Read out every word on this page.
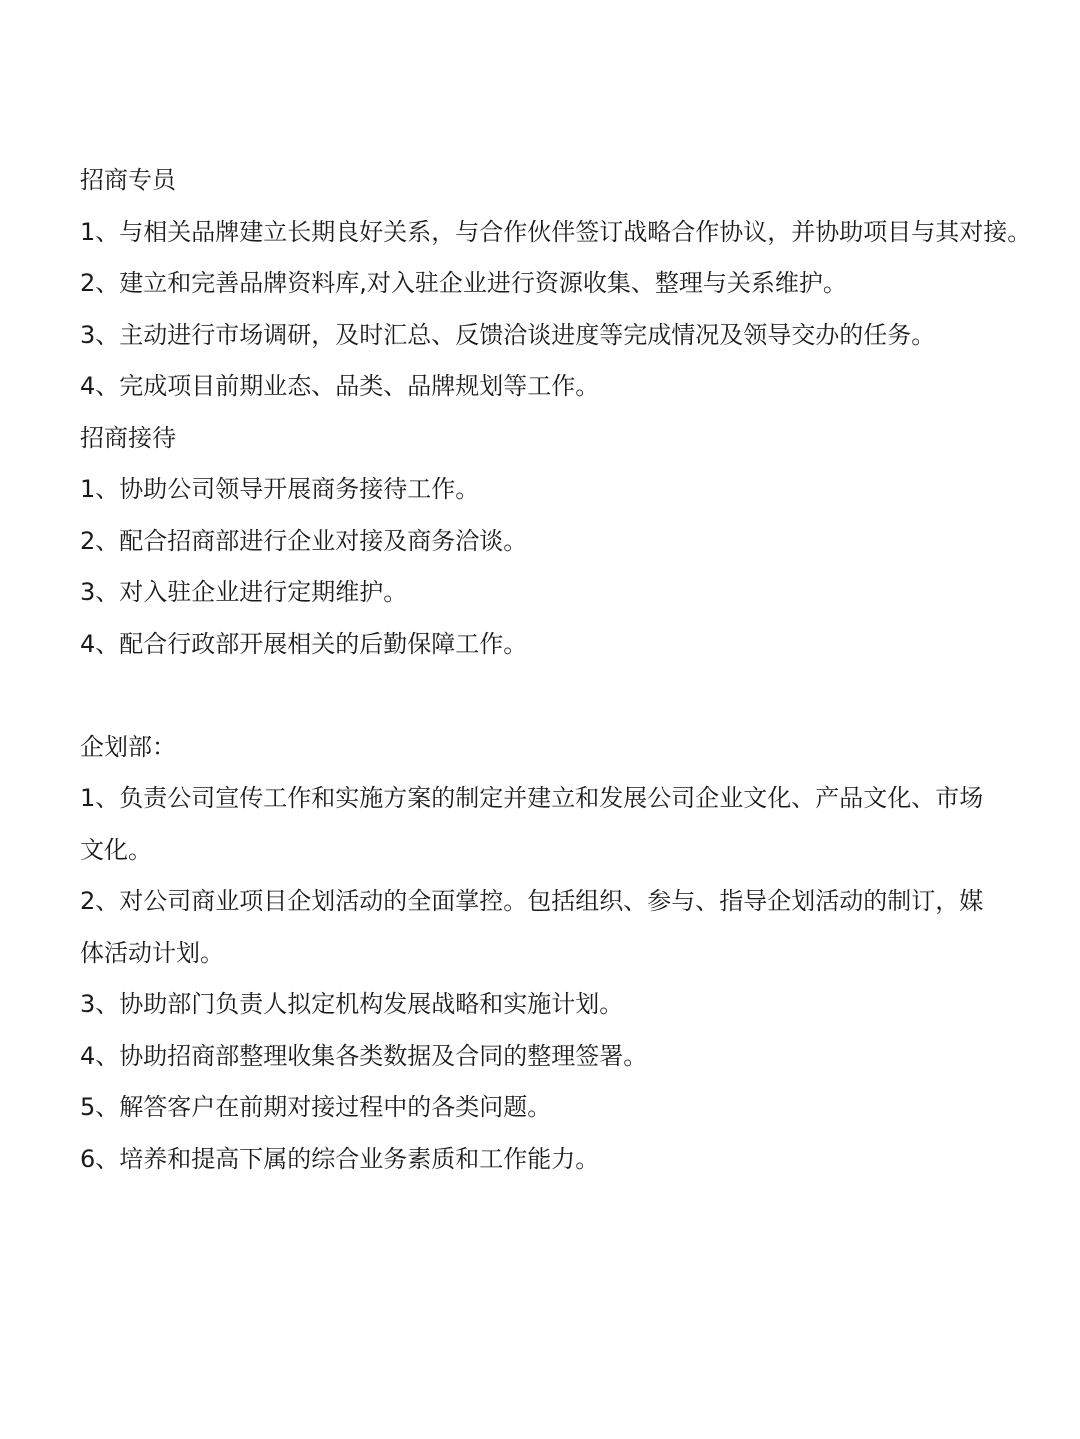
招商专员

1、与相关品牌建立长期良好关系，与合作伙伴签订战略合作协议，并协助项目与其对接。

2、建立和完善品牌资料库,对入驻企业进行资源收集、整理与关系维护。

3、主动进行市场调研，及时汇总、反馈洽谈进度等完成情况及领导交办的任务。

4、完成项目前期业态、品类、品牌规划等工作。

招商接待

1、协助公司领导开展商务接待工作。

2、配合招商部进行企业对接及商务洽谈。

3、对入驻企业进行定期维护。

4、配合行政部开展相关的后勤保障工作。

企划部：

1、负责公司宣传工作和实施方案的制定并建立和发展公司企业文化、产品文化、市场文化。

2、对公司商业项目企划活动的全面掌控。包括组织、参与、指导企划活动的制订，媒体活动计划。

3、协助部门负责人拟定机构发展战略和实施计划。

4、协助招商部整理收集各类数据及合同的整理签署。

5、解答客户在前期对接过程中的各类问题。

6、培养和提高下属的综合业务素质和工作能力。
